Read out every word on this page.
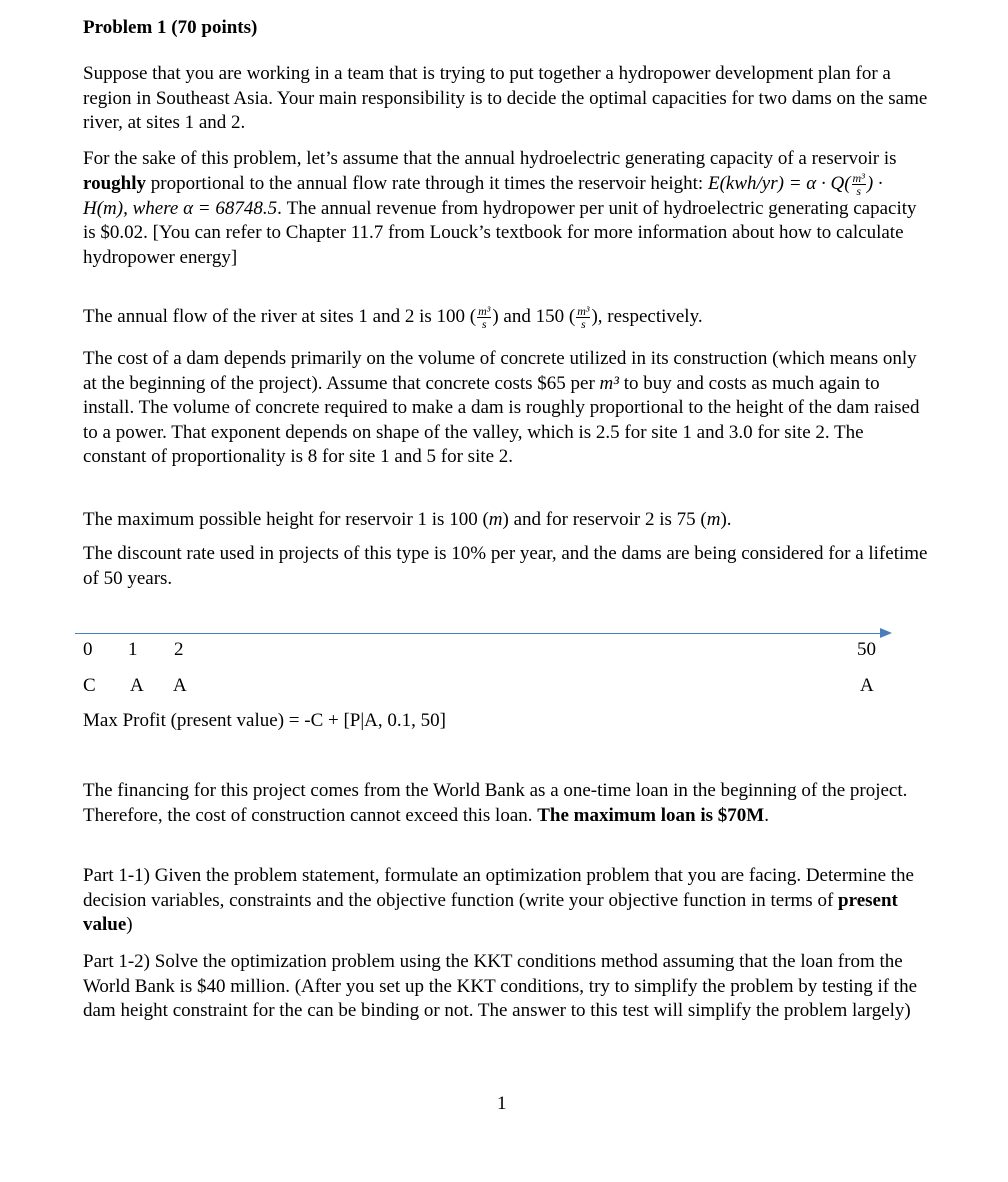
Problem 1 (70 points)
Suppose that you are working in a team that is trying to put together a hydropower development plan for a region in Southeast Asia. Your main responsibility is to decide the optimal capacities for two dams on the same river, at sites 1 and 2.
For the sake of this problem, let’s assume that the annual hydroelectric generating capacity of a reservoir is roughly proportional to the annual flow rate through it times the reservoir height: $E(kwh/yr) = \alpha \cdot Q( \frac{\text{m³}}{s}$ ) · H(m), where α = 68748.5. The annual revenue from hydropower per unit of hydroelectric generating capacity is $0.02. [You can refer to Chapter 11.7 from Louck’s textbook for more information about how to calculate hydropower energy]
The annual flow of the river at sites 1 and 2 is 100 ( $\frac{\text{m³}}{s}$ ) and 150 ( $\frac{\text{m³}}{s}$ ), respectively.
The cost of a dam depends primarily on the volume of concrete utilized in its construction (which means only at the beginning of the project). Assume that concrete costs $65 per m³ to buy and costs as much again to install. The volume of concrete required to make a dam is roughly proportional to the height of the dam raised to a power. That exponent depends on shape of the valley, which is 2.5 for site 1 and 3.0 for site 2. The constant of proportionality is 8 for site 1 and 5 for site 2.
The maximum possible height for reservoir 1 is 100 (m) and for reservoir 2 is 75 (m).
The discount rate used in projects of this type is 10% per year, and the dams are being considered for a lifetime of 50 years.
0 1 2	50
C A A	A
Max Profit (present value) = -C + [P|A, 0.1, 50]
The financing for this project comes from the World Bank as a one-time loan in the beginning of the project. Therefore, the cost of construction cannot exceed this loan. The maximum loan is $70M.
Part 1-1) Given the problem statement, formulate an optimization problem that you are facing. Determine the decision variables, constraints and the objective function (write your objective function in terms of present value)
Part 1-2) Solve the optimization problem using the KKT conditions method assuming that the loan from the World Bank is $40 million. (After you set up the KKT conditions, try to simplify the problem by testing if the dam height constraint for the can be binding or not. The answer to this test will simplify the problem largely)
1
